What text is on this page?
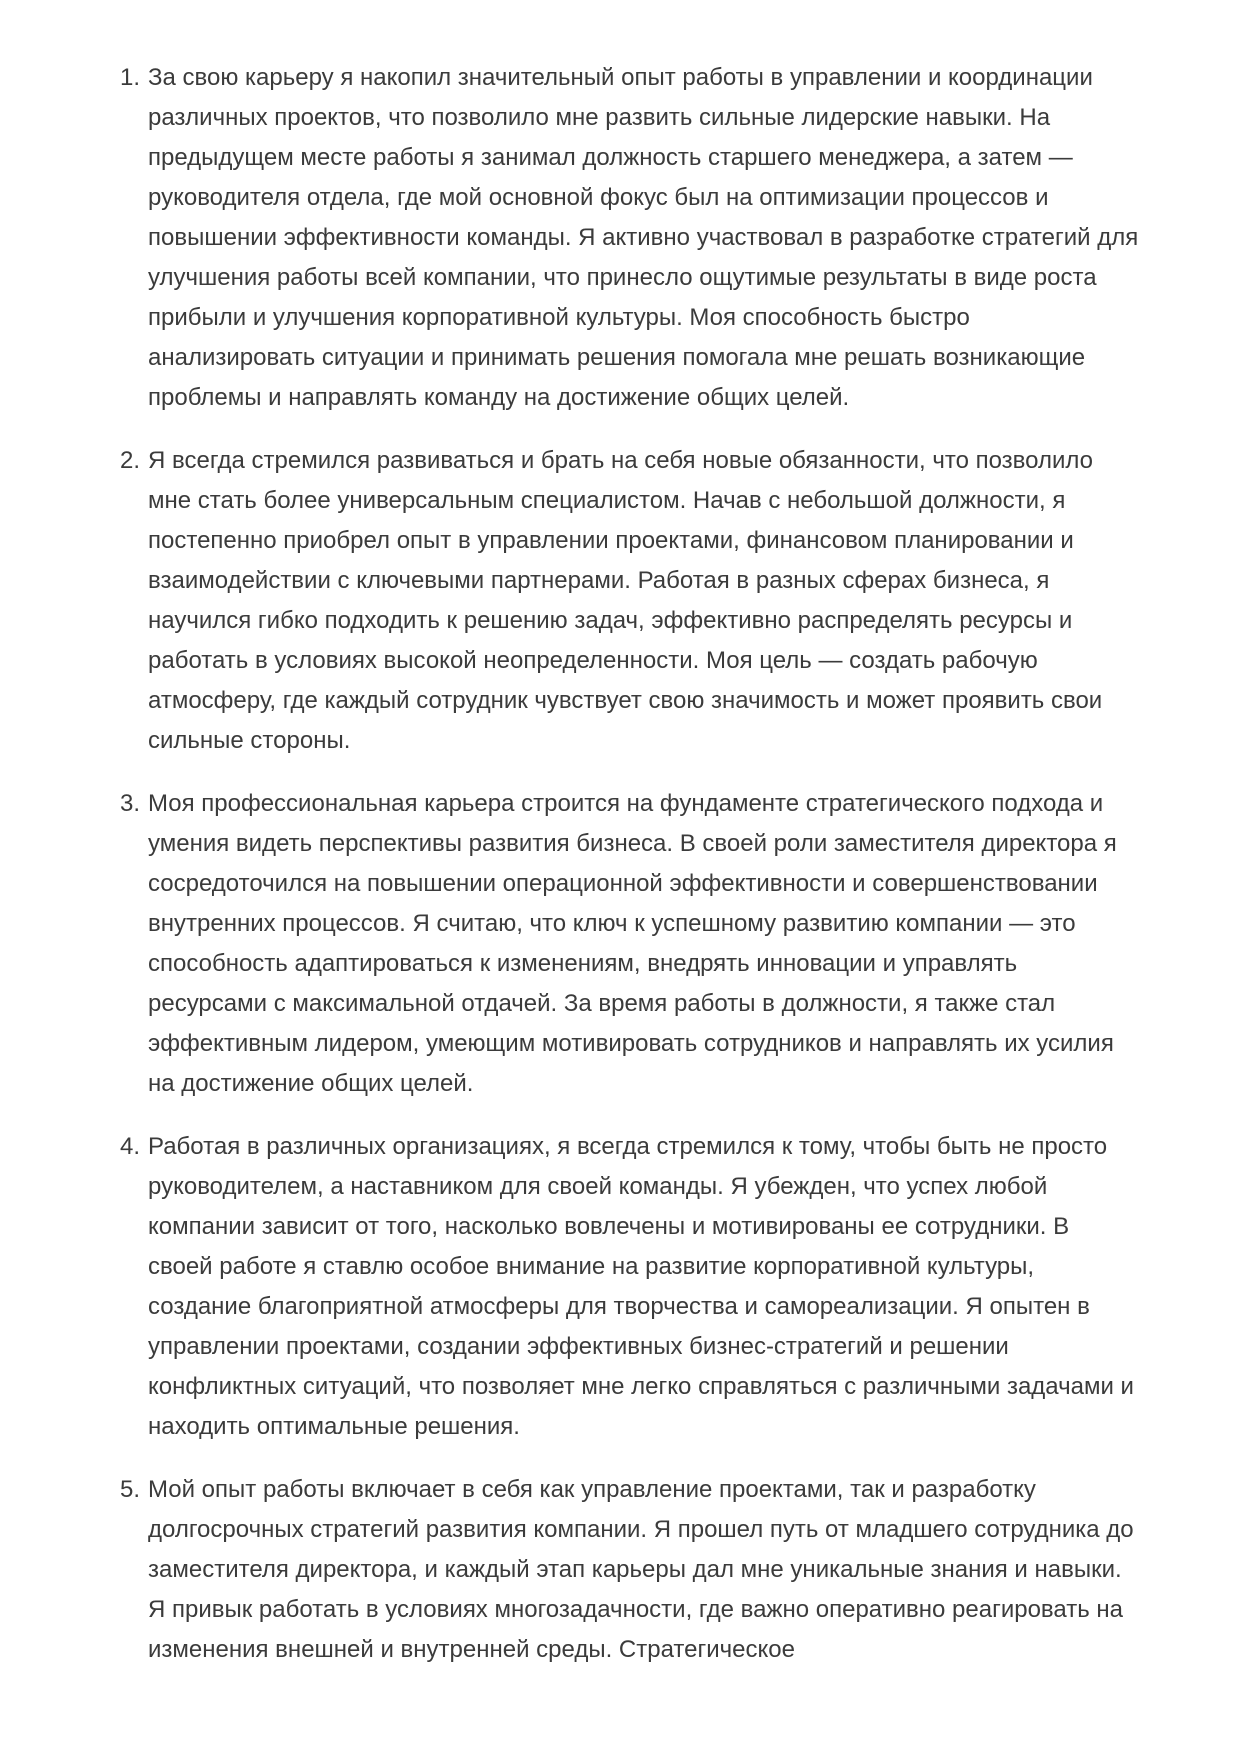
1. За свою карьеру я накопил значительный опыт работы в управлении и координации различных проектов, что позволило мне развить сильные лидерские навыки. На предыдущем месте работы я занимал должность старшего менеджера, а затем — руководителя отдела, где мой основной фокус был на оптимизации процессов и повышении эффективности команды. Я активно участвовал в разработке стратегий для улучшения работы всей компании, что принесло ощутимые результаты в виде роста прибыли и улучшения корпоративной культуры. Моя способность быстро анализировать ситуации и принимать решения помогала мне решать возникающие проблемы и направлять команду на достижение общих целей.

2. Я всегда стремился развиваться и брать на себя новые обязанности, что позволило мне стать более универсальным специалистом. Начав с небольшой должности, я постепенно приобрел опыт в управлении проектами, финансовом планировании и взаимодействии с ключевыми партнерами. Работая в разных сферах бизнеса, я научился гибко подходить к решению задач, эффективно распределять ресурсы и работать в условиях высокой неопределенности. Моя цель — создать рабочую атмосферу, где каждый сотрудник чувствует свою значимость и может проявить свои сильные стороны.

3. Моя профессиональная карьера строится на фундаменте стратегического подхода и умения видеть перспективы развития бизнеса. В своей роли заместителя директора я сосредоточился на повышении операционной эффективности и совершенствовании внутренних процессов. Я считаю, что ключ к успешному развитию компании — это способность адаптироваться к изменениям, внедрять инновации и управлять ресурсами с максимальной отдачей. За время работы в должности, я также стал эффективным лидером, умеющим мотивировать сотрудников и направлять их усилия на достижение общих целей.

4. Работая в различных организациях, я всегда стремился к тому, чтобы быть не просто руководителем, а наставником для своей команды. Я убежден, что успех любой компании зависит от того, насколько вовлечены и мотивированы ее сотрудники. В своей работе я ставлю особое внимание на развитие корпоративной культуры, создание благоприятной атмосферы для творчества и самореализации. Я опытен в управлении проектами, создании эффективных бизнес-стратегий и решении конфликтных ситуаций, что позволяет мне легко справляться с различными задачами и находить оптимальные решения.

5. Мой опыт работы включает в себя как управление проектами, так и разработку долгосрочных стратегий развития компании. Я прошел путь от младшего сотрудника до заместителя директора, и каждый этап карьеры дал мне уникальные знания и навыки. Я привык работать в условиях многозадачности, где важно оперативно реагировать на изменения внешней и внутренней среды. Стратегическое
